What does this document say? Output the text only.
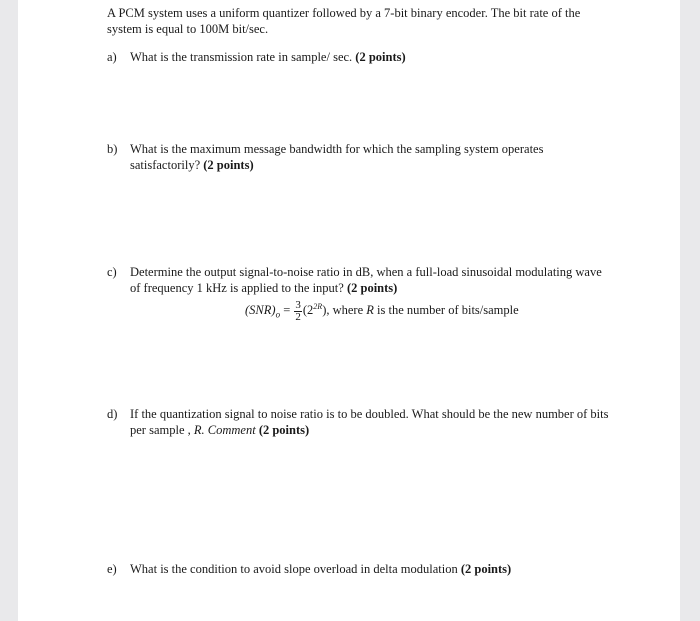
A PCM system uses a uniform quantizer followed by a 7-bit binary encoder. The bit rate of the
system is equal to 100M bit/sec.
a) What is the transmission rate in sample/ sec. (2 points)
b) What is the maximum message bandwidth for which the sampling system operates
satisfactorily? (2 points)
c) Determine the output signal-to-noise ratio in dB, when a full-load sinusoidal modulating wave
of frequency 1 kHz is applied to the input? (2 points)
$(SNR)_o = \frac{3}{2} (2^{2R})$, where R is the number of bits/sample
d) If the quantization signal to noise ratio is to be doubled. What should be the new number of bits
per sample , R. Comment (2 points)
e) What is the condition to avoid slope overload in delta modulation (2 points)
